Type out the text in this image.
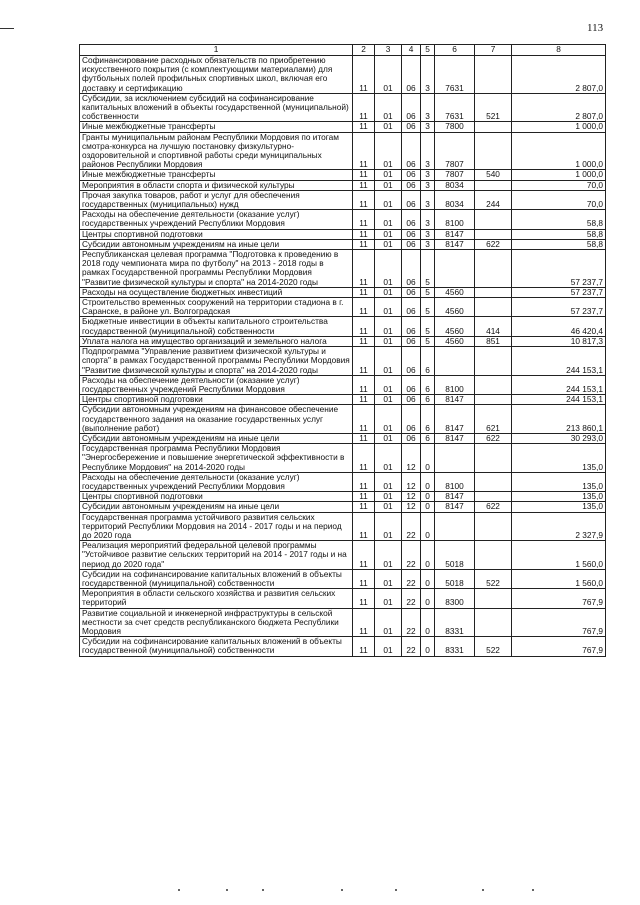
113
1	2	3	4	5	6	7	8
Софинансирование расходных обязательств по приобретению искусственного покрытия (с комплектующими материалами) для футбольных полей профильных спортивных школ, включая его доставку и сертификацию	11	01	06	3	7631		2 807,0
Субсидии, за исключением субсидий на софинансирование капитальных вложений в объекты государственной (муниципальной) собственности	11	01	06	3	7631	521	2 807,0
Иные межбюджетные трансферты	11	01	06	3	7800		1 000,0
Гранты муниципальным районам Республики Мордовия по итогам смотра-конкурса на лучшую постановку физкультурно-оздоровительной и спортивной работы среди муниципальных районов Республики Мордовия	11	01	06	3	7807		1 000,0
Иные межбюджетные трансферты	11	01	06	3	7807	540	1 000,0
Мероприятия в области спорта и физической культуры	11	01	06	3	8034		70,0
Прочая закупка товаров, работ и услуг для обеспечения государственных (муниципальных) нужд	11	01	06	3	8034	244	70,0
Расходы на обеспечение деятельности (оказание услуг) государственных учреждений Республики Мордовия	11	01	06	3	8100		58,8
Центры спортивной подготовки	11	01	06	3	8147		58,8
Субсидии автономным учреждениям на иные цели	11	01	06	3	8147	622	58,8
Республиканская целевая программа "Подготовка к проведению в 2018 году чемпионата мира по футболу" на 2013 - 2018 годы в рамках Государственной программы Республики Мордовия "Развитие физической культуры и спорта" на 2014-2020 годы	11	01	06	5			57 237,7
Расходы на осуществление бюджетных инвестиций	11	01	06	5	4560		57 237,7
Строительство временных сооружений на территории стадиона в г. Саранске, в районе ул. Волгоградская	11	01	06	5	4560		57 237,7
Бюджетные инвестиции в объекты капитального строительства государственной (муниципальной) собственности	11	01	06	5	4560	414	46 420,4
Уплата налога на имущество организаций и земельного налога	11	01	06	5	4560	851	10 817,3
Подпрограмма "Управление развитием физической культуры и спорта" в рамках Государственной программы Республики Мордовия "Развитие физической культуры и спорта" на 2014-2020 годы	11	01	06	6			244 153,1
Расходы на обеспечение деятельности (оказание услуг) государственных учреждений Республики Мордовия	11	01	06	6	8100		244 153,1
Центры спортивной подготовки	11	01	06	6	8147		244 153,1
Субсидии автономным учреждениям на финансовое обеспечение государственного задания на оказание государственных услуг (выполнение работ)	11	01	06	6	8147	621	213 860,1
Субсидии автономным учреждениям на иные цели	11	01	06	6	8147	622	30 293,0
Государственная программа Республики Мордовия "Энергосбережение и повышение энергетической эффективности в Республике Мордовия" на 2014-2020 годы	11	01	12	0			135,0
Расходы на обеспечение деятельности (оказание услуг) государственных учреждений Республики Мордовия	11	01	12	0	8100		135,0
Центры спортивной подготовки	11	01	12	0	8147		135,0
Субсидии автономным учреждениям на иные цели	11	01	12	0	8147	622	135,0
Государственная программа устойчивого развития сельских территорий Республики Мордовия на 2014 - 2017 годы и на период до 2020 года	11	01	22	0			2 327,9
Реализация мероприятий федеральной целевой программы "Устойчивое развитие сельских территорий на 2014 - 2017 годы и на период до 2020 года"	11	01	22	0	5018		1 560,0
Субсидии на софинансирование капитальных вложений в объекты государственной (муниципальной) собственности	11	01	22	0	5018	522	1 560,0
Мероприятия в области сельского хозяйства и развития сельских территорий	11	01	22	0	8300		767,9
Развитие социальной и инженерной инфраструктуры в сельской местности за счет средств республиканского бюджета Республики Мордовия	11	01	22	0	8331		767,9
Субсидии на софинансирование капитальных вложений в объекты государственной (муниципальной) собственности	11	01	22	0	8331	522	767,9
